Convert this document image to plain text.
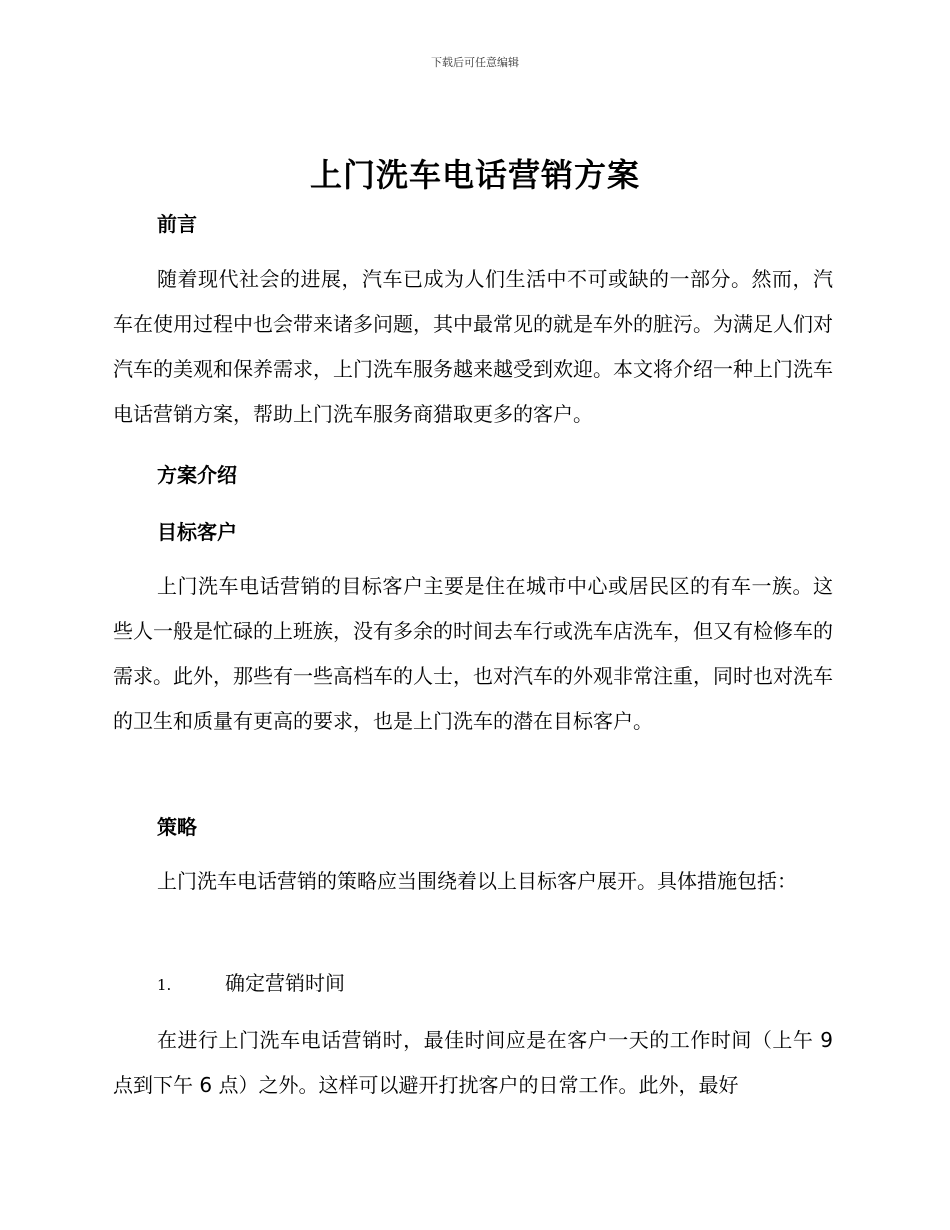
下载后可任意编辑
上门洗车电话营销方案
前言
随着现代社会的进展，汽车已成为人们生活中不可或缺的一部分。然而，汽车在使用过程中也会带来诸多问题，其中最常见的就是车外的脏污。为满足人们对汽车的美观和保养需求，上门洗车服务越来越受到欢迎。本文将介绍一种上门洗车电话营销方案，帮助上门洗车服务商猎取更多的客户。
方案介绍
目标客户
上门洗车电话营销的目标客户主要是住在城市中心或居民区的有车一族。这些人一般是忙碌的上班族，没有多余的时间去车行或洗车店洗车，但又有检修车的需求。此外，那些有一些高档车的人士，也对汽车的外观非常注重，同时也对洗车的卫生和质量有更高的要求，也是上门洗车的潜在目标客户。
策略
上门洗车电话营销的策略应当围绕着以上目标客户展开。具体措施包括：
1.	确定营销时间
在进行上门洗车电话营销时，最佳时间应是在客户一天的工作时间（上午 9 点到下午 6 点）之外。这样可以避开打扰客户的日常工作。此外，最好
